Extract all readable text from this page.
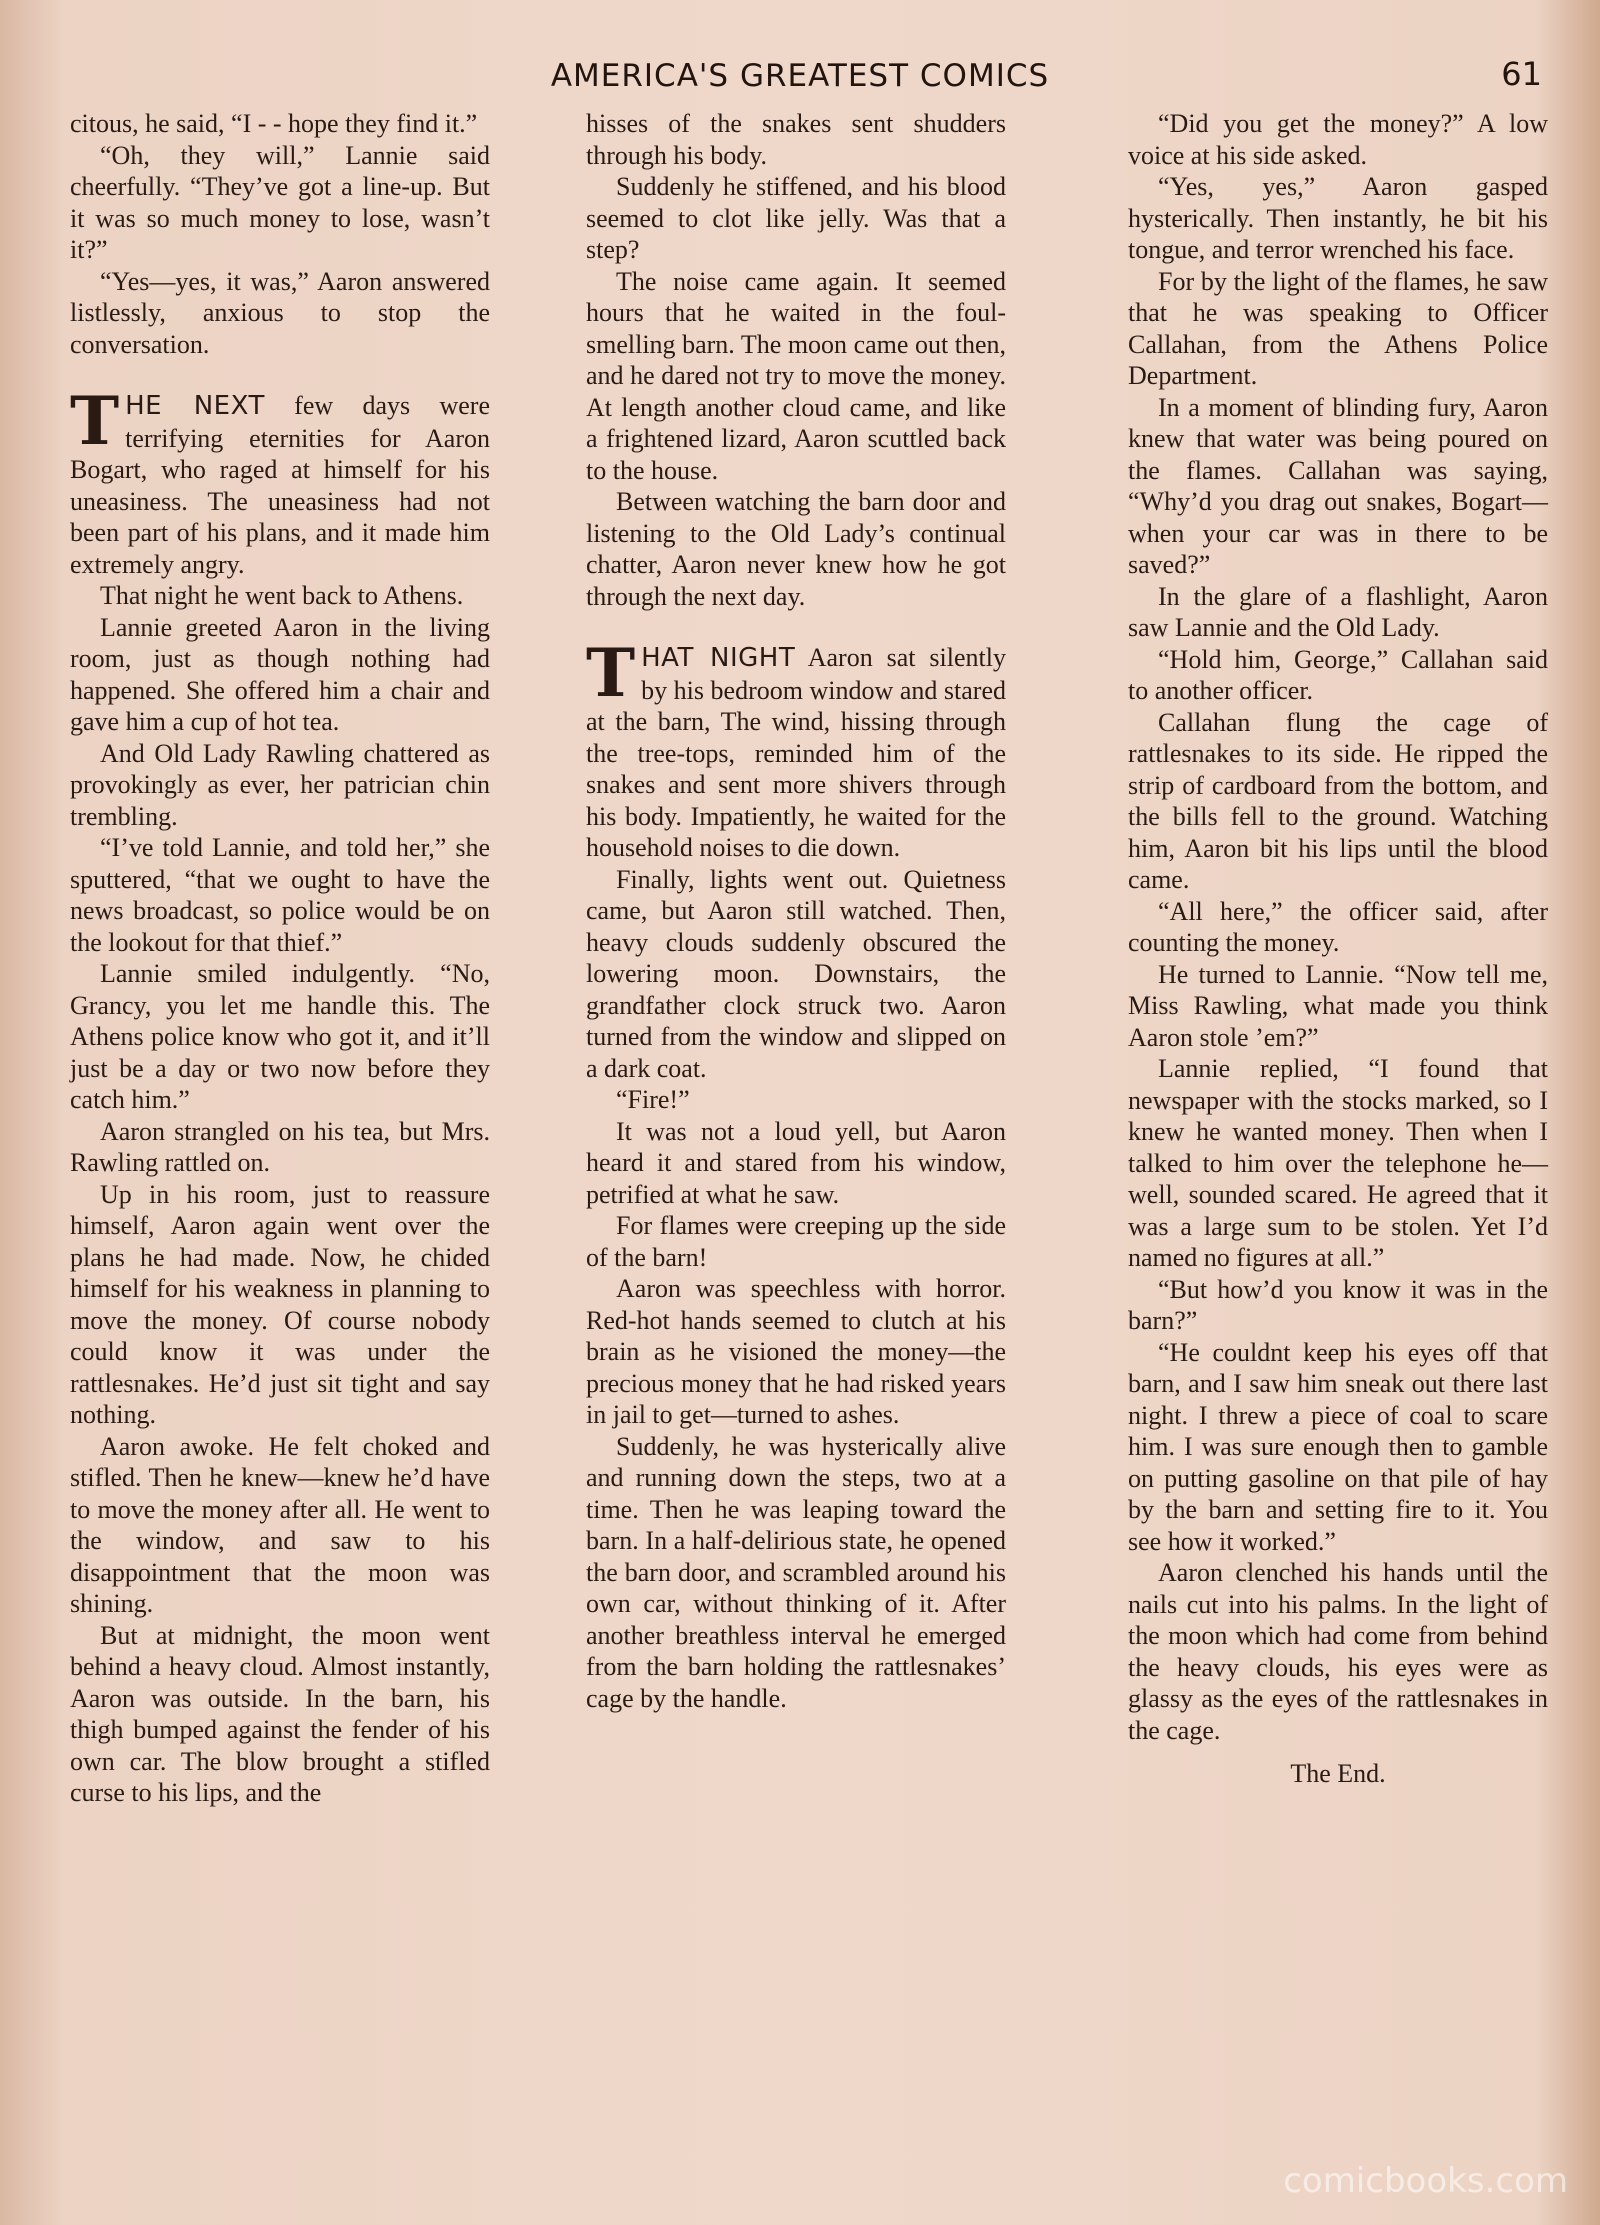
AMERICA'S GREATEST COMICS	61

citous, he said, “I - - hope they find it.”

“Oh, they will,” Lannie said cheerfully. “They’ve got a line-up. But it was so much money to lose, wasn’t it?”

“Yes—yes, it was,” Aaron answered listlessly, anxious to stop the conversation.

THE NEXT few days were terrifying eternities for Aaron Bogart, who raged at himself for his uneasiness. The uneasiness had not been part of his plans, and it made him extremely angry.

That night he went back to Athens.

Lannie greeted Aaron in the living room, just as though nothing had happened. She offered him a chair and gave him a cup of hot tea.

And Old Lady Rawling chattered as provokingly as ever, her patrician chin trembling.

“I’ve told Lannie, and told her,” she sputtered, “that we ought to have the news broadcast, so police would be on the lookout for that thief.”

Lannie smiled indulgently. “No, Grancy, you let me handle this. The Athens police know who got it, and it’ll just be a day or two now before they catch him.”

Aaron strangled on his tea, but Mrs. Rawling rattled on.

Up in his room, just to reassure himself, Aaron again went over the plans he had made. Now, he chided himself for his weakness in planning to move the money. Of course nobody could know it was under the rattlesnakes. He’d just sit tight and say nothing.

Aaron awoke. He felt choked and stifled. Then he knew—knew he’d have to move the money after all. He went to the window, and saw to his disappointment that the moon was shining.

But at midnight, the moon went behind a heavy cloud. Almost instantly, Aaron was outside. In the barn, his thigh bumped against the fender of his own car. The blow brought a stifled curse to his lips, and the

hisses of the snakes sent shudders through his body.

Suddenly he stiffened, and his blood seemed to clot like jelly. Was that a step?

The noise came again. It seemed hours that he waited in the foul-smelling barn. The moon came out then, and he dared not try to move the money. At length another cloud came, and like a frightened lizard, Aaron scuttled back to the house.

Between watching the barn door and listening to the Old Lady’s continual chatter, Aaron never knew how he got through the next day.

THAT NIGHT Aaron sat silently by his bedroom window and stared at the barn, The wind, hissing through the tree-tops, reminded him of the snakes and sent more shivers through his body. Impatiently, he waited for the household noises to die down.

Finally, lights went out. Quietness came, but Aaron still watched. Then, heavy clouds suddenly obscured the lowering moon. Downstairs, the grandfather clock struck two. Aaron turned from the window and slipped on a dark coat.

“Fire!”

It was not a loud yell, but Aaron heard it and stared from his window, petrified at what he saw.

For flames were creeping up the side of the barn!

Aaron was speechless with horror. Red-hot hands seemed to clutch at his brain as he visioned the money—the precious money that he had risked years in jail to get—turned to ashes.

Suddenly, he was hysterically alive and running down the steps, two at a time. Then he was leaping toward the barn. In a half-delirious state, he opened the barn door, and scrambled around his own car, without thinking of it. After another breathless interval he emerged from the barn holding the rattlesnakes’ cage by the handle.

“Did you get the money?” A low voice at his side asked.

“Yes, yes,” Aaron gasped hysterically. Then instantly, he bit his tongue, and terror wrenched his face.

For by the light of the flames, he saw that he was speaking to Officer Callahan, from the Athens Police Department.

In a moment of blinding fury, Aaron knew that water was being poured on the flames. Callahan was saying, “Why’d you drag out snakes, Bogart—when your car was in there to be saved?”

In the glare of a flashlight, Aaron saw Lannie and the Old Lady.

“Hold him, George,” Callahan said to another officer.

Callahan flung the cage of rattlesnakes to its side. He ripped the strip of cardboard from the bottom, and the bills fell to the ground. Watching him, Aaron bit his lips until the blood came.

“All here,” the officer said, after counting the money.

He turned to Lannie. “Now tell me, Miss Rawling, what made you think Aaron stole ’em?”

Lannie replied, “I found that newspaper with the stocks marked, so I knew he wanted money. Then when I talked to him over the telephone he—well, sounded scared. He agreed that it was a large sum to be stolen. Yet I’d named no figures at all.”

“But how’d you know it was in the barn?”

“He couldnt keep his eyes off that barn, and I saw him sneak out there last night. I threw a piece of coal to scare him. I was sure enough then to gamble on putting gasoline on that pile of hay by the barn and setting fire to it. You see how it worked.”

Aaron clenched his hands until the nails cut into his palms. In the light of the moon which had come from behind the heavy clouds, his eyes were as glassy as the eyes of the rattlesnakes in the cage.

The End.

comicbooks.com
